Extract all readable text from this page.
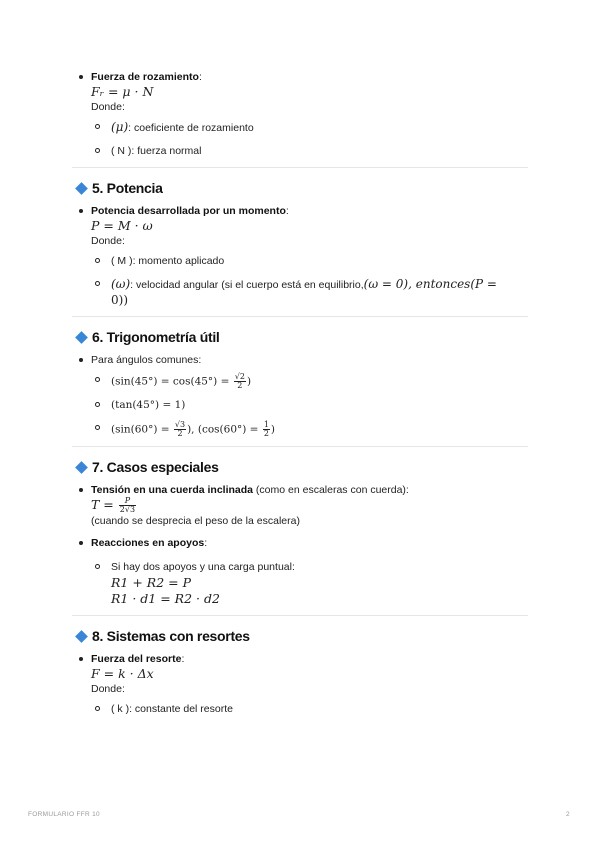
Fuerza de rozamiento:
Fᵣ = μ · N
Donde:
(μ): coeficiente de rozamiento
( N ): fuerza normal
5. Potencia
Potencia desarrollada por un momento:
P = M · ω
Donde:
( M ): momento aplicado
(ω): velocidad angular (si el cuerpo está en equilibrio,(ω = 0), entonces(P =
0))
6. Trigonometría útil
Para ángulos comunes:
($\sin(45^\circ) = \cos(45^\circ) = \frac{√2}{2}$ )
(tan(45°) = 1)
($\sin(60^\circ) = \frac{√3}{2}$ ), ($\cos(60^\circ) = \frac{1}{2}$ )
7. Casos especiales
Tensión en una cuerda inclinada (como en escaleras con cuerda):
$T = \frac{P}{2√3}$
(cuando se desprecia el peso de la escalera)
Reacciones en apoyos:
Si hay dos apoyos y una carga puntual:
R1 + R2 = P
R1 · d1 = R2 · d2
8. Sistemas con resortes
Fuerza del resorte:
F = k · Δx
Donde:
( k ): constante del resorte
FORMULARIO FFR 10	2
